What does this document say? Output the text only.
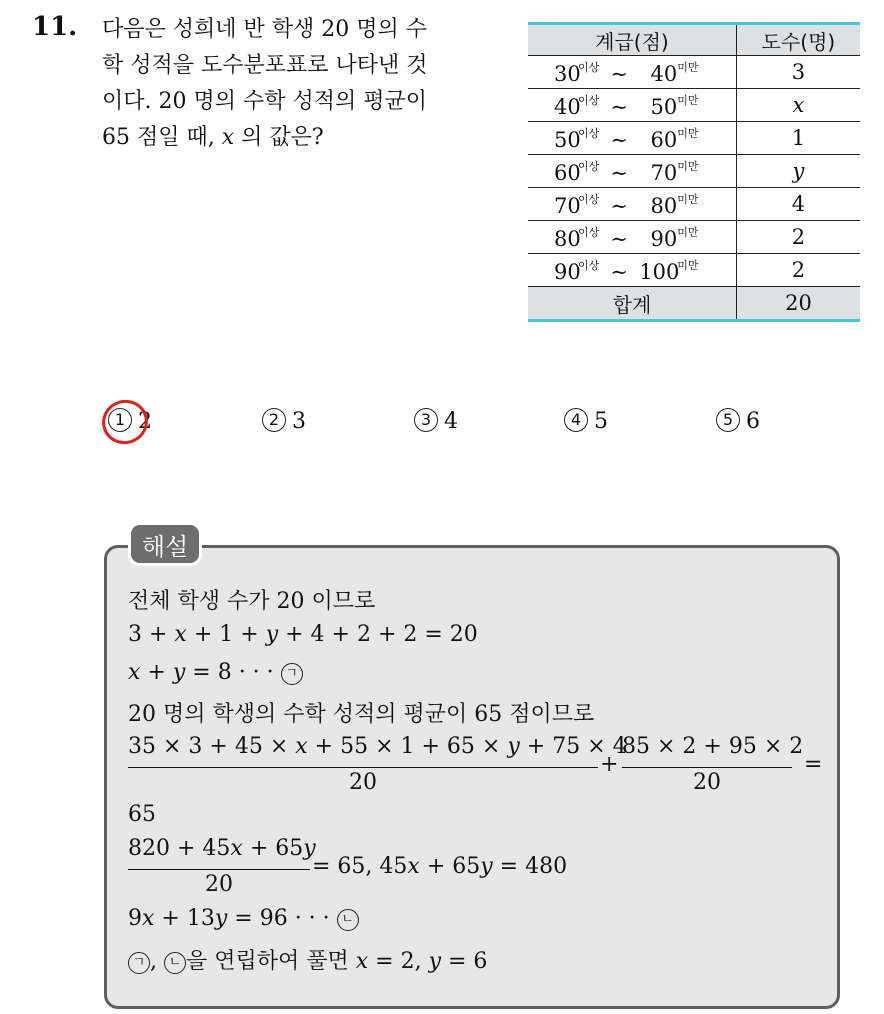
11. 다음은 성희네 반 학생 20 명의 수
학 성적을 도수분포표로 나타낸 것
이다. 20 명의 수학 성적의 평균이
65 점일 때, x 의 값은?
계급(점)	도수(명)
$30^{이상}$ ∼ $40^{미만}$	3
$40^{이상}$ ∼ $50^{미만}$	x
$50^{이상}$ ∼ $60^{미만}$	1
$60^{이상}$ ∼ $70^{미만}$	y
$70^{이상}$ ∼ $80^{미만}$	4
$80^{이상}$ ∼ $90^{미만}$	2
$90^{이상}$ ∼ $100^{미만}$	2
합계	20
1 2	2 3	3 4	4 5	5 6
해설
전체 학생 수가 20 이므로
3 + x + 1 + y + 4 + 2 + 2 = 20
x + y = 8 · · · ㄱ
20 명의 학생의 수학 성적의 평균이 65 점이므로
35 × 3 + 45 × x + 55 × 1 + 65 × y + 75 × 4
20
+
85 × 2 + 95 × 2
20
=
65
820 + 45x + 65y
20
= 65, 45x + 65y = 480
9x + 13y = 96 · · · ㄴ
ㄱ , ㄴ 을 연립하여 풀면 x = 2, y = 6
